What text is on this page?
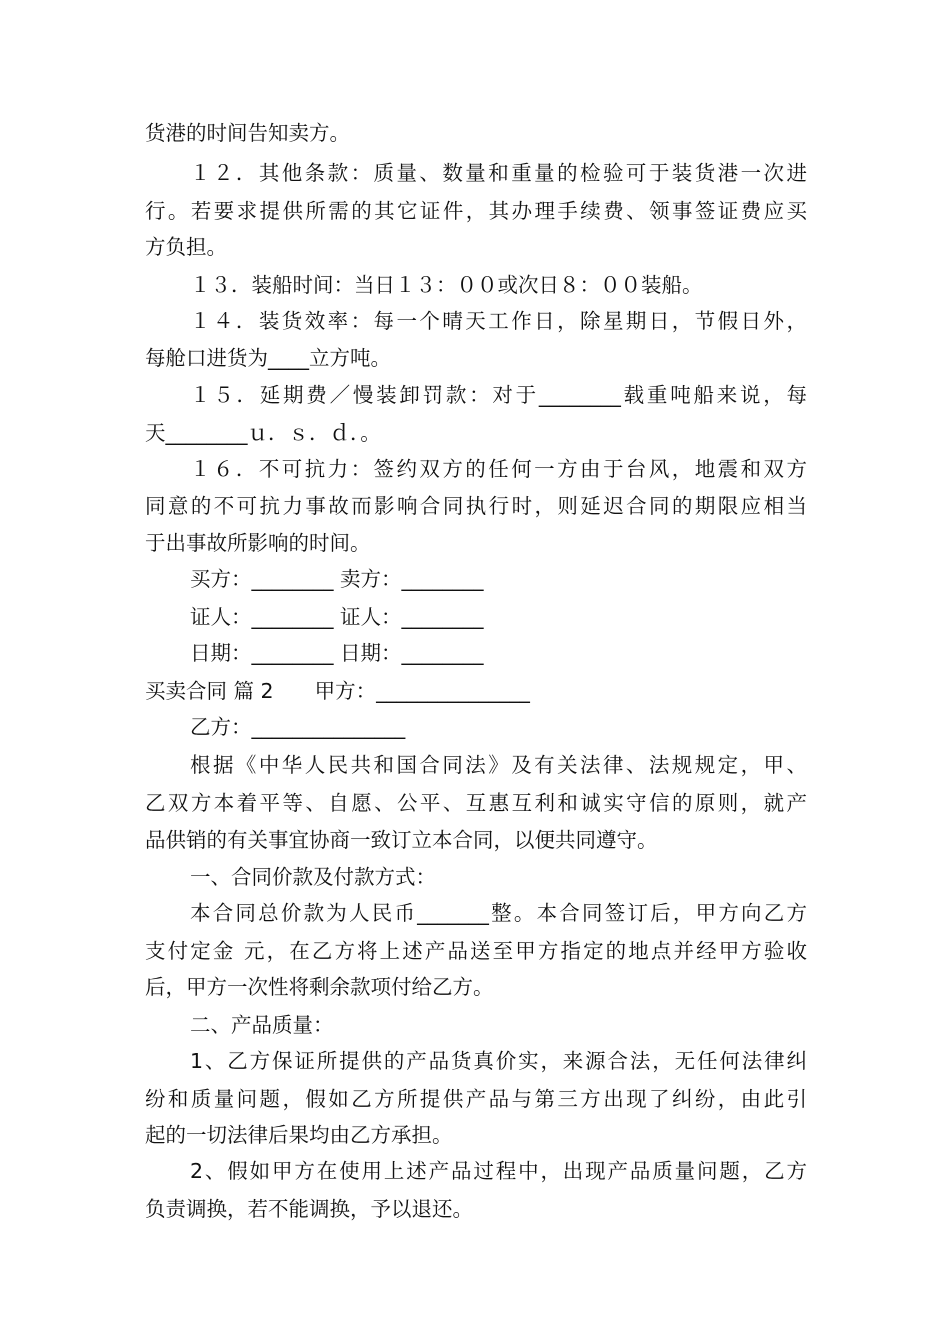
货港的时间告知卖方。
１２．其他条款：质量、数量和重量的检验可于装货港一次进
行。若要求提供所需的其它证件，其办理手续费、领事签证费应买
方负担。
１３．装船时间：当日１３：００或次日８：００装船。
１４．装货效率：每一个晴天工作日，除星期日，节假日外，
每舱口进货为____立方吨。
１５．延期费／慢装卸罚款：对于________载重吨船来说，每
天________ｕ．ｓ．ｄ．。
１６．不可抗力：签约双方的任何一方由于台风，地震和双方
同意的不可抗力事故而影响合同执行时，则延迟合同的期限应相当
于出事故所影响的时间。
买方：________ 卖方：________
证人：________ 证人：________
日期：________ 日期：________
买卖合同 篇 2　　甲方：_______________
乙方：_______________
根据《中华人民共和国合同法》及有关法律、法规规定，甲、
乙双方本着平等、自愿、公平、互惠互利和诚实守信的原则，就产
品供销的有关事宜协商一致订立本合同，以便共同遵守。
一、合同价款及付款方式：
本合同总价款为人民币_______整。本合同签订后，甲方向乙方
支付定金 元，在乙方将上述产品送至甲方指定的地点并经甲方验收
后，甲方一次性将剩余款项付给乙方。
二、产品质量：
1、乙方保证所提供的产品货真价实，来源合法，无任何法律纠
纷和质量问题，假如乙方所提供产品与第三方出现了纠纷，由此引
起的一切法律后果均由乙方承担。
2、假如甲方在使用上述产品过程中，出现产品质量问题，乙方
负责调换，若不能调换，予以退还。
